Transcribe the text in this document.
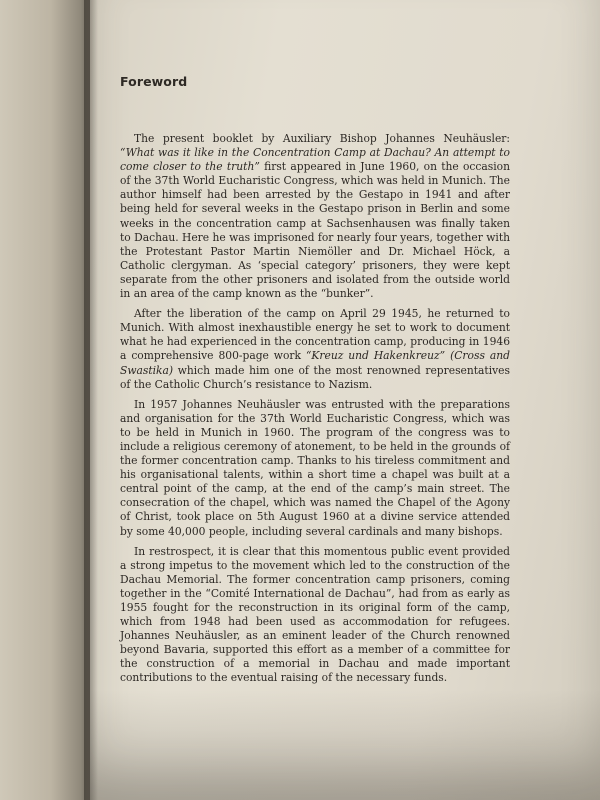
Foreword

The present booklet by Auxiliary Bishop Johannes Neuhäusler: “What was it like in the Concentration Camp at Dachau? An attempt to come closer to the truth” first appeared in June 1960, on the occasion of the 37th World Eucharistic Congress, which was held in Munich. The author himself had been arrested by the Gestapo in 1941 and after being held for several weeks in the Gestapo prison in Berlin and some weeks in the concentration camp at Sachsenhausen was finally taken to Dachau. Here he was imprisoned for nearly four years, together with the Protestant Pastor Martin Niemöller and Dr. Michael Höck, a Catholic clergyman. As ‘special category’ prisoners, they were kept separate from the other prisoners and isolated from the outside world in an area of the camp known as the “bunker”.

After the liberation of the camp on April 29 1945, he returned to Munich. With almost inexhaustible energy he set to work to document what he had experienced in the concentration camp, producing in 1946 a comprehensive 800-page work “Kreuz und Hakenkreuz” (Cross and Swastika) which made him one of the most renowned representatives of the Catholic Church’s resistance to Nazism.

In 1957 Johannes Neuhäusler was entrusted with the preparations and organisation for the 37th World Eucharistic Congress, which was to be held in Munich in 1960. The program of the congress was to include a religious ceremony of atonement, to be held in the grounds of the former concentration camp. Thanks to his tireless commitment and his organisational talents, within a short time a chapel was built at a central point of the camp, at the end of the camp’s main street. The consecration of the chapel, which was named the Chapel of the Agony of Christ, took place on 5th August 1960 at a divine service attended by some 40,000 people, including several cardinals and many bishops.

In restrospect, it is clear that this momentous public event provided a strong impetus to the movement which led to the construction of the Dachau Memorial. The former concentration camp prisoners, coming together in the “Comité International de Dachau”, had from as early as 1955 fought for the reconstruction in its original form of the camp, which from 1948 had been used as accommodation for refugees. Johannes Neuhäusler, as an eminent leader of the Church renowned beyond Bavaria, supported this effort as a member of a committee for the construction of a memorial in Dachau and made important contributions to the eventual raising of the necessary funds.
